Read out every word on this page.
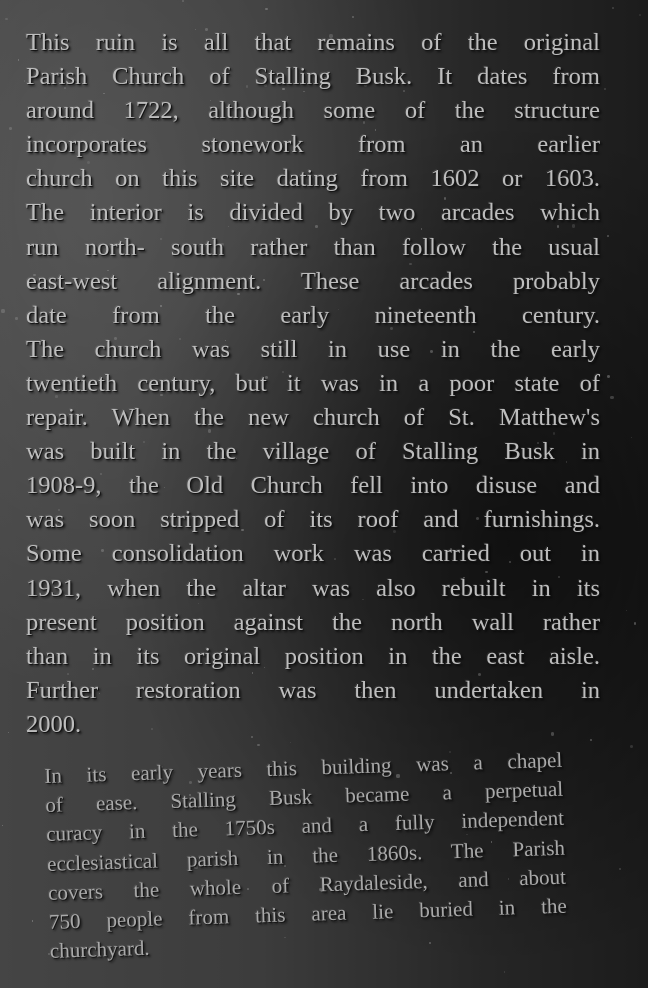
This ruin is all that remains of the original
Parish Church of Stalling Busk. It dates from
around 1722, although some of the structure
incorporates stonework from an earlier
church on this site dating from 1602 or 1603.
The interior is divided by two arcades which
run north- south rather than follow the usual
east-west alignment. These arcades probably
date from the early nineteenth century.
The church was still in use in the early
twentieth century, but it was in a poor state of
repair. When the new church of St. Matthew's
was built in the village of Stalling Busk in
1908-9, the Old Church fell into disuse and
was soon stripped of its roof and furnishings.
Some consolidation work was carried out in
1931, when the altar was also rebuilt in its
present position against the north wall rather
than in its original position in the east aisle.
Further restoration was then undertaken in
2000.
In its early years this building was a chapel
of ease. Stalling Busk became a perpetual
curacy in the 1750s and a fully independent
ecclesiastical parish in the 1860s. The Parish
covers the whole of Raydaleside, and about
750 people from this area lie buried in the
churchyard.
